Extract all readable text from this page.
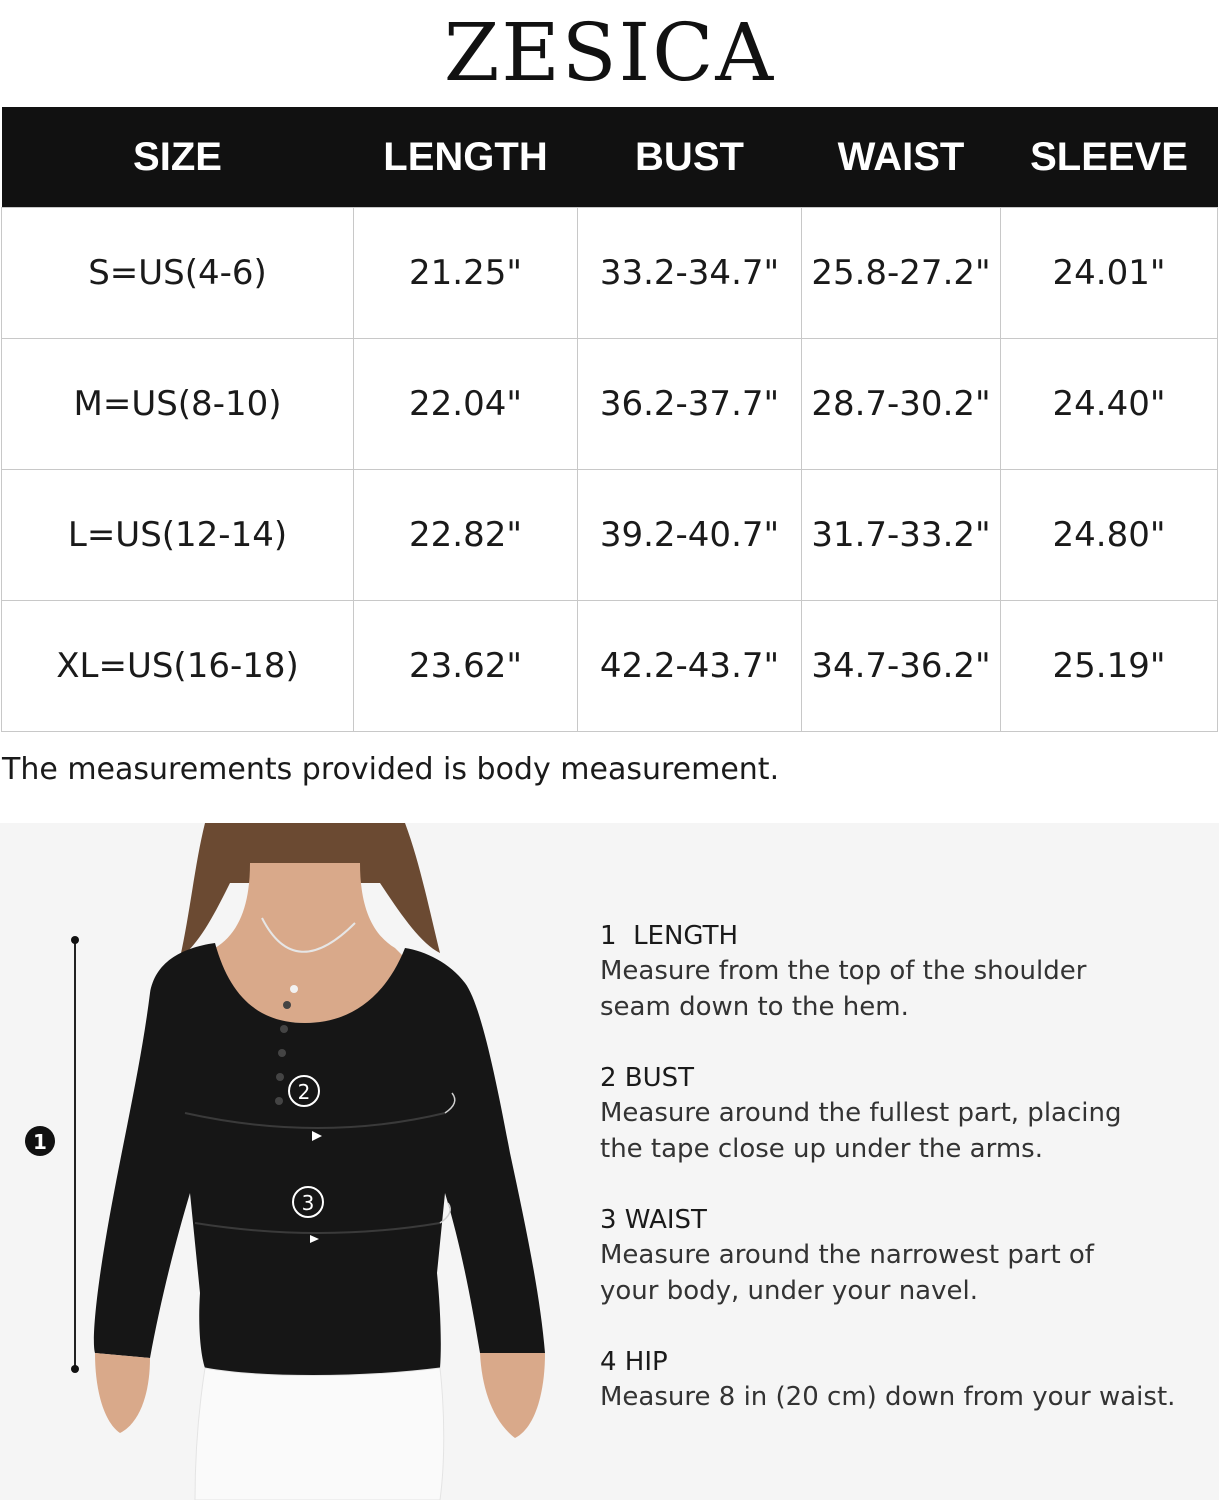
ZESICA
SIZE	LENGTH	BUST	WAIST	SLEEVE
S=US(4-6)	21.25"	33.2-34.7"	25.8-27.2"	24.01"
M=US(8-10)	22.04"	36.2-37.7"	28.7-30.2"	24.40"
L=US(12-14)	22.82"	39.2-40.7"	31.7-33.2"	24.80"
XL=US(16-18)	23.62"	42.2-43.7"	34.7-36.2"	25.19"
The measurements provided is body measurement.
2
3
1
1  LENGTH
Measure from the top of the shoulder
seam down to the hem.
2 BUST
Measure around the fullest part, placing
the tape close up under the arms.
3 WAIST
Measure around the narrowest part of
your body, under your navel.
4 HIP
Measure 8 in (20 cm) down from your waist.
